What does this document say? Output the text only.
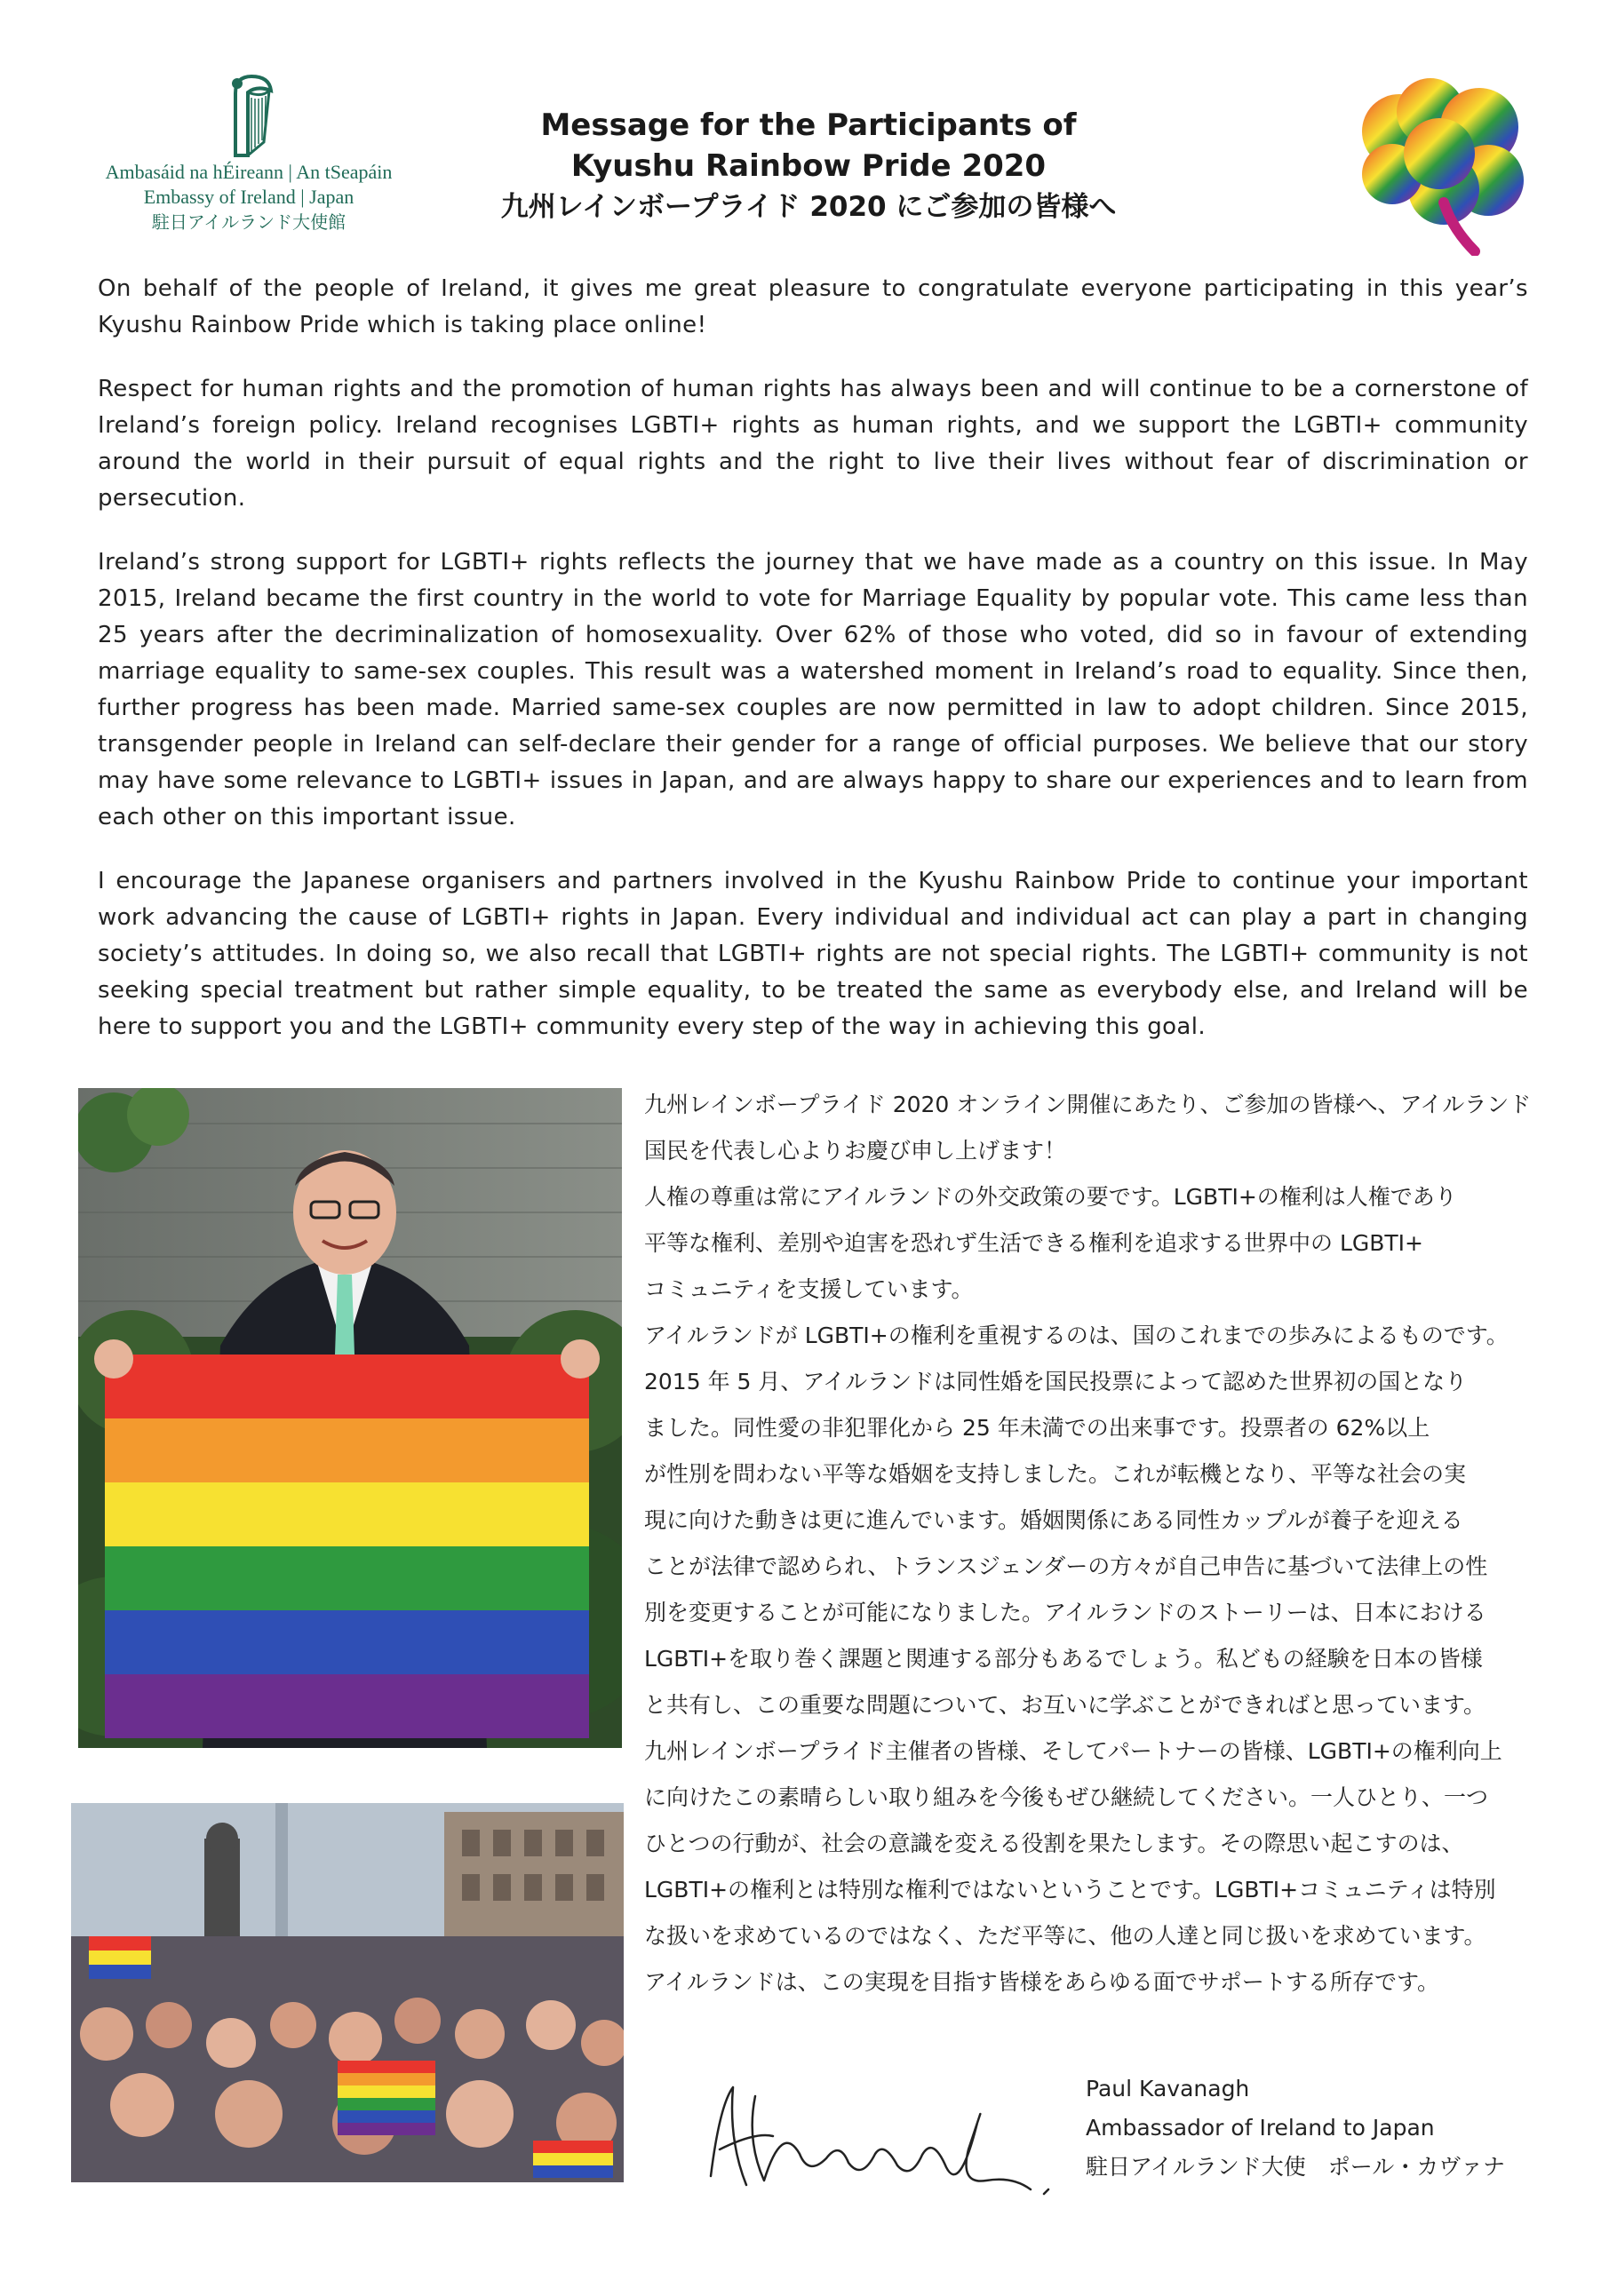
Ambasáid na hÉireann | An tSeapáin
Embassy of Ireland | Japan
駐日アイルランド大使館
Message for the Participants of
Kyushu Rainbow Pride 2020
九州レインボープライド 2020 にご参加の皆様へ

On behalf of the people of Ireland, it gives me great pleasure to congratulate everyone participating in this year’s Kyushu Rainbow Pride which is taking place online!

Respect for human rights and the promotion of human rights has always been and will continue to be a cornerstone of Ireland’s foreign policy. Ireland recognises LGBTI+ rights as human rights, and we support the LGBTI+ community around the world in their pursuit of equal rights and the right to live their lives without fear of discrimination or persecution.

Ireland’s strong support for LGBTI+ rights reflects the journey that we have made as a country on this issue. In May 2015, Ireland became the first country in the world to vote for Marriage Equality by popular vote. This came less than 25 years after the decriminalization of homosexuality. Over 62% of those who voted, did so in favour of extending marriage equality to same-sex couples. This result was a watershed moment in Ireland’s road to equality. Since then, further progress has been made. Married same-sex couples are now permitted in law to adopt children. Since 2015, transgender people in Ireland can self-declare their gender for a range of official purposes. We believe that our story may have some relevance to LGBTI+ issues in Japan, and are always happy to share our experiences and to learn from each other on this important issue.

I encourage the Japanese organisers and partners involved in the Kyushu Rainbow Pride to continue your important work advancing the cause of LGBTI+ rights in Japan. Every individual and individual act can play a part in changing society’s attitudes. In doing so, we also recall that LGBTI+ rights are not special rights. The LGBTI+ community is not seeking special treatment but rather simple equality, to be treated the same as everybody else, and Ireland will be here to support you and the LGBTI+ community every step of the way in achieving this goal.

九州レインボープライド 2020 オンライン開催にあたり、ご参加の皆様へ、アイルランド
国民を代表し心よりお慶び申し上げます！
人権の尊重は常にアイルランドの外交政策の要です。LGBTI+の権利は人権であり
平等な権利、差別や迫害を恐れず生活できる権利を追求する世界中の LGBTI+
コミュニティを支援しています。
アイルランドが LGBTI+の権利を重視するのは、国のこれまでの歩みによるものです。
2015 年 5 月、アイルランドは同性婚を国民投票によって認めた世界初の国となり
ました。同性愛の非犯罪化から 25 年未満での出来事です。投票者の 62%以上
が性別を問わない平等な婚姻を支持しました。これが転機となり、平等な社会の実
現に向けた動きは更に進んでいます。婚姻関係にある同性カップルが養子を迎える
ことが法律で認められ、トランスジェンダーの方々が自己申告に基づいて法律上の性
別を変更することが可能になりました。アイルランドのストーリーは、日本における
LGBTI+を取り巻く課題と関連する部分もあるでしょう。私どもの経験を日本の皆様
と共有し、この重要な問題について、お互いに学ぶことができればと思っています。
九州レインボープライド主催者の皆様、そしてパートナーの皆様、LGBTI+の権利向上
に向けたこの素晴らしい取り組みを今後もぜひ継続してください。一人ひとり、一つ
ひとつの行動が、社会の意識を変える役割を果たします。その際思い起こすのは、
LGBTI+の権利とは特別な権利ではないということです。LGBTI+コミュニティは特別
な扱いを求めているのではなく、ただ平等に、他の人達と同じ扱いを求めています。
アイルランドは、この実現を目指す皆様をあらゆる面でサポートする所存です。
Paul Kavanagh
Ambassador of Ireland to Japan
駐日アイルランド大使　ポール・カヴァナ
